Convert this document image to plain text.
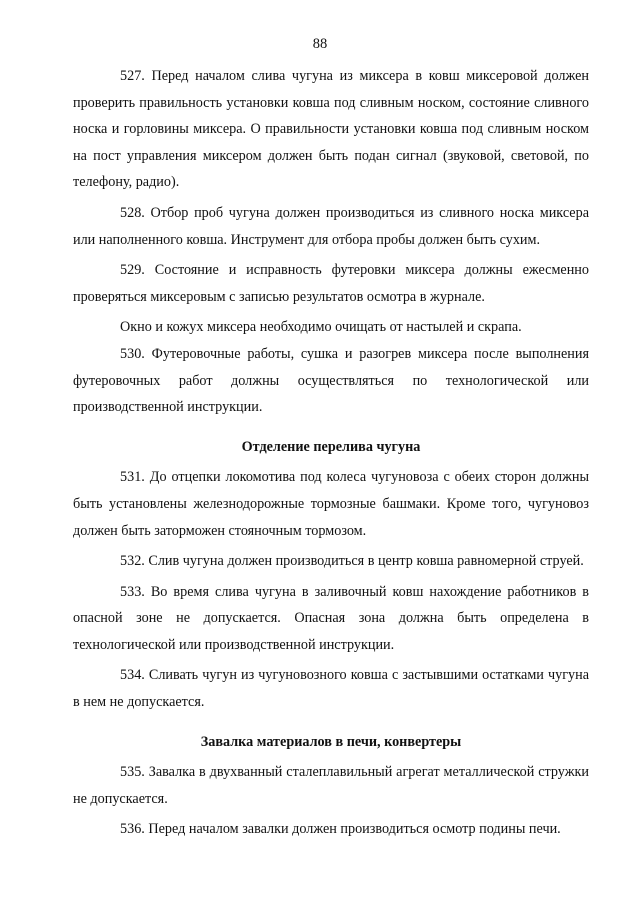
88

527. Перед началом слива чугуна из миксера в ковш миксеровой должен проверить правильность установки ковша под сливным носком, состояние сливного носка и горловины миксера. О правильности установки ковша под сливным носком на пост управления миксером должен быть подан сигнал (звуковой, световой, по телефону, радио).

528. Отбор проб чугуна должен производиться из сливного носка миксера или наполненного ковша. Инструмент для отбора пробы должен быть сухим.

529. Состояние и исправность футеровки миксера должны ежесменно проверяться миксеровым с записью результатов осмотра в журнале.

Окно и кожух миксера необходимо очищать от настылей и скрапа.

530. Футеровочные работы, сушка и разогрев миксера после выполнения футеровочных работ должны осуществляться по технологической или производственной инструкции.

Отделение перелива чугуна

531. До отцепки локомотива под колеса чугуновоза с обеих сторон должны быть установлены железнодорожные тормозные башмаки. Кроме того, чугуновоз должен быть заторможен стояночным тормозом.

532. Слив чугуна должен производиться в центр ковша равномерной струей.

533. Во время слива чугуна в заливочный ковш нахождение работников в опасной зоне не допускается. Опасная зона должна быть определена в технологической или производственной инструкции.

534. Сливать чугун из чугуновозного ковша с застывшими остатками чугуна в нем не допускается.

Завалка материалов в печи, конвертеры

535. Завалка в двухванный сталеплавильный агрегат металлической стружки не допускается.

536. Перед началом завалки должен производиться осмотр подины печи.
